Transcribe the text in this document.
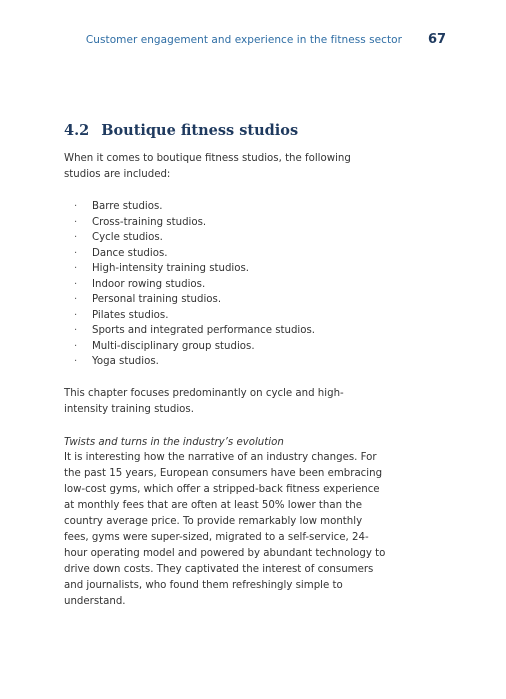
Customer engagement and experience in the fitness sector 67
4.2 Boutique fitness studios

When it comes to boutique fitness studios, the following studios are included:

· Barre studios.
· Cross-training studios.
· Cycle studios.
· Dance studios.
· High-intensity training studios.
· Indoor rowing studios.
· Personal training studios.
· Pilates studios.
· Sports and integrated performance studios.
· Multi-disciplinary group studios.
· Yoga studios.

This chapter focuses predominantly on cycle and high-intensity training studios.

Twists and turns in the industry’s evolution

It is interesting how the narrative of an industry changes. For the past 15 years, European consumers have been embracing low-cost gyms, which offer a stripped-back fitness experience at monthly fees that are often at least 50% lower than the country average price. To provide remarkably low monthly fees, gyms were super-sized, migrated to a self-service, 24-hour operating model and powered by abundant technology to drive down costs. They captivated the interest of consumers and journalists, who found them refreshingly simple to understand.
